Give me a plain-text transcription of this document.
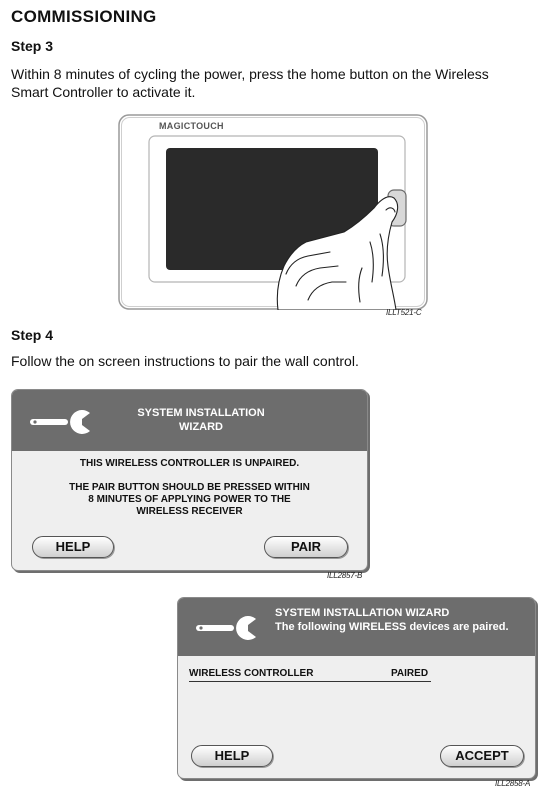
COMMISSIONING
Step 3
Within 8 minutes of cycling the power, press the home button on the Wireless Smart Controller to activate it.
MAGICTOUCH
ILLT521-C
Step 4
Follow the on screen instructions to pair the wall control.
SYSTEM INSTALLATION
WIZARD
THIS WIRELESS CONTROLLER IS UNPAIRED.
THE PAIR BUTTON SHOULD BE PRESSED WITHIN
8 MINUTES OF APPLYING POWER TO THE
WIRELESS RECEIVER
HELP	PAIR
ILL2857-B
SYSTEM INSTALLATION WIZARD
The following WIRELESS devices are paired.
WIRELESS CONTROLLER	PAIRED
HELP	ACCEPT
ILL2858-A
